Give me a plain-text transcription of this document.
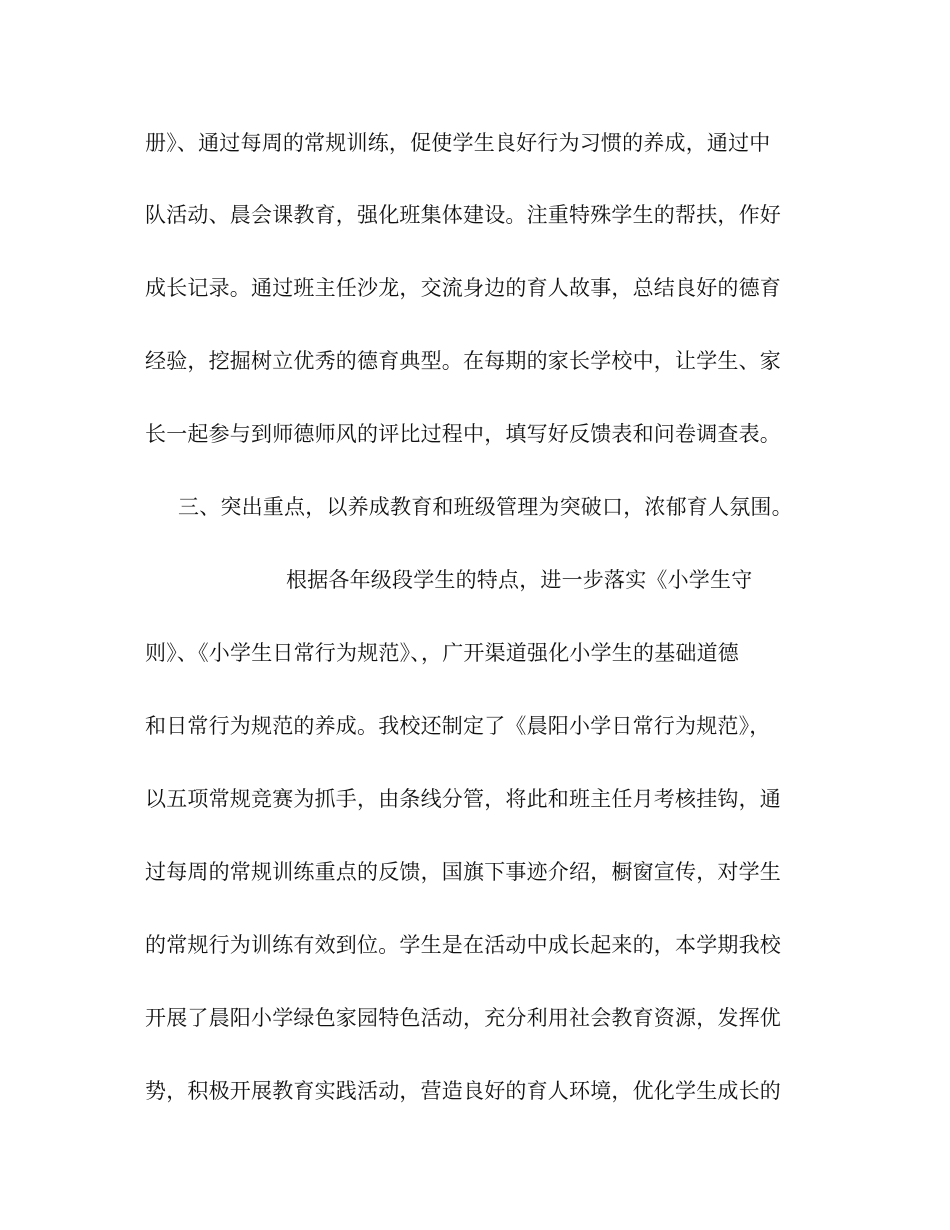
册》、通过每周的常规训练，促使学生良好行为习惯的养成，通过中
队活动、晨会课教育，强化班集体建设。注重特殊学生的帮扶，作好
成长记录。通过班主任沙龙，交流身边的育人故事，总结良好的德育
经验，挖掘树立优秀的德育典型。在每期的家长学校中，让学生、家
长一起参与到师德师风的评比过程中，填写好反馈表和问卷调查表。
三、突出重点，以养成教育和班级管理为突破口，浓郁育人氛围。
根据各年级段学生的特点，进一步落实《小学生守
则》、《小学生日常行为规范》、，广开渠道强化小学生的基础道德
和日常行为规范的养成。我校还制定了《晨阳小学日常行为规范》，
以五项常规竞赛为抓手，由条线分管，将此和班主任月考核挂钩，通
过每周的常规训练重点的反馈，国旗下事迹介绍，橱窗宣传，对学生
的常规行为训练有效到位。学生是在活动中成长起来的，本学期我校
开展了晨阳小学绿色家园特色活动，充分利用社会教育资源，发挥优
势，积极开展教育实践活动，营造良好的育人环境，优化学生成长的
